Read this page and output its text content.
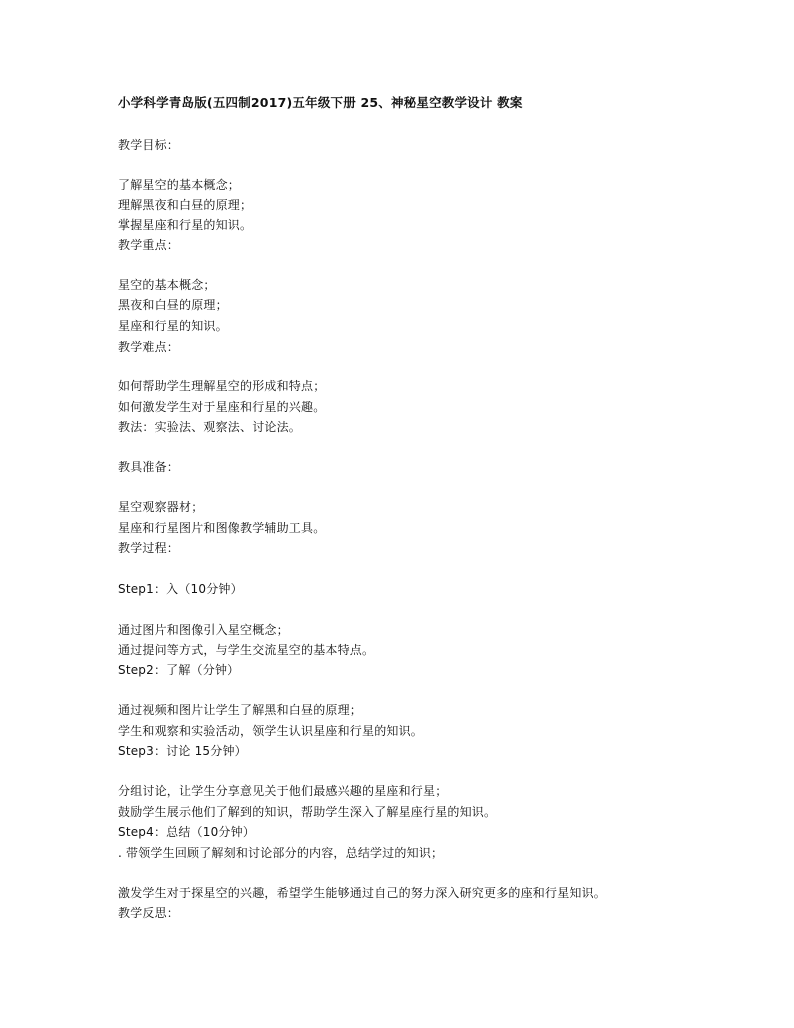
小学科学青岛版(五四制2017)五年级下册 25、神秘星空教学设计 教案
教学目标：
了解星空的基本概念；
理解黑夜和白昼的原理；
掌握星座和行星的知识。
教学重点：
星空的基本概念；
黑夜和白昼的原理；
星座和行星的知识。
教学难点：
如何帮助学生理解星空的形成和特点；
如何激发学生对于星座和行星的兴趣。
教法：实验法、观察法、讨论法。
教具准备：
星空观察器材；
星座和行星图片和图像教学辅助工具。
教学过程：
Step1：入（10分钟）
通过图片和图像引入星空概念；
通过提问等方式，与学生交流星空的基本特点。
Step2：了解（分钟）
通过视频和图片让学生了解黑和白昼的原理；
学生和观察和实验活动，领学生认识星座和行星的知识。
Step3：讨论 15分钟）
分组讨论，让学生分享意见关于他们最感兴趣的星座和行星；
鼓励学生展示他们了解到的知识，帮助学生深入了解星座行星的知识。
Step4：总结（10分钟）
. 带领学生回顾了解刻和讨论部分的内容，总结学过的知识；
激发学生对于探星空的兴趣，希望学生能够通过自己的努力深入研究更多的座和行星知识。
教学反思：
